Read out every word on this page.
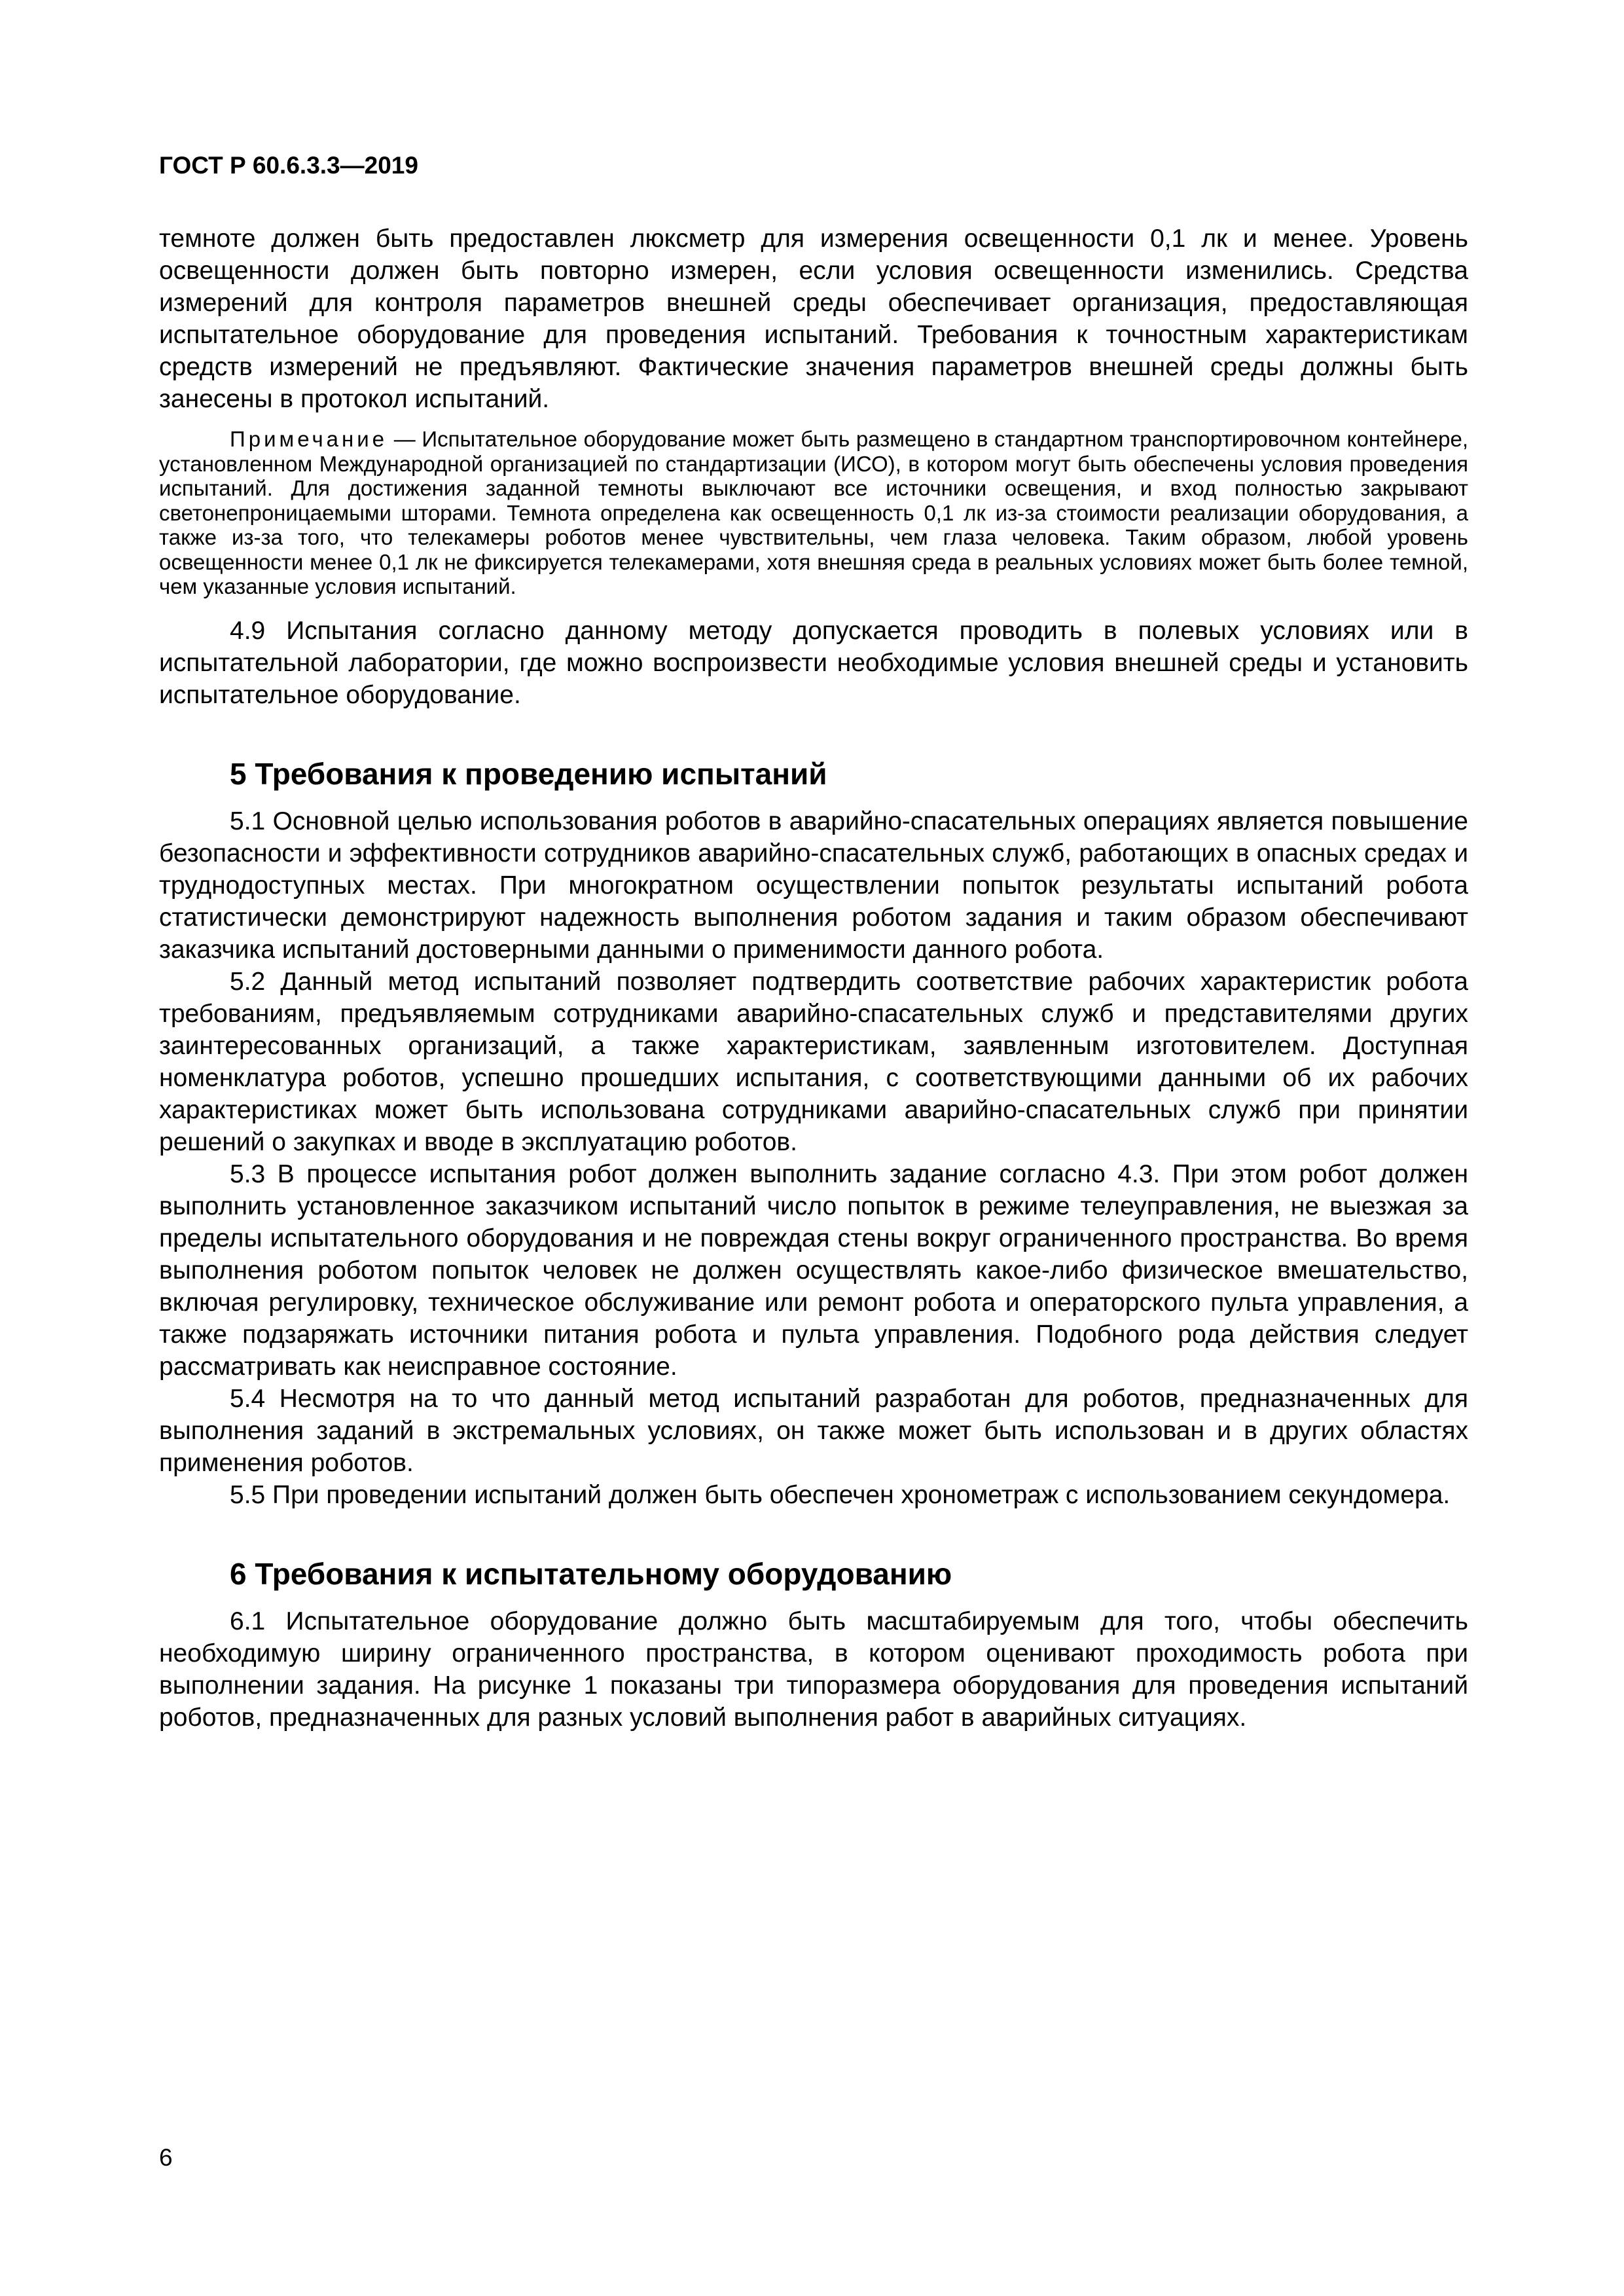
ГОСТ Р 60.6.3.3—2019

темноте должен быть предоставлен люксметр для измерения освещенности 0,1 лк и менее. Уровень освещенности должен быть повторно измерен, если условия освещенности изменились. Средства измерений для контроля параметров внешней среды обеспечивает организация, предоставляющая испытательное оборудование для проведения испытаний. Требования к точностным характеристикам средств измерений не предъявляют. Фактические значения параметров внешней среды должны быть занесены в протокол испытаний.

Примечание — Испытательное оборудование может быть размещено в стандартном транспортировочном контейнере, установленном Международной организацией по стандартизации (ИСО), в котором могут быть обеспечены условия проведения испытаний. Для достижения заданной темноты выключают все источники освещения, и вход полностью закрывают светонепроницаемыми шторами. Темнота определена как освещенность 0,1 лк из-за стоимости реализации оборудования, а также из-за того, что телекамеры роботов менее чувствительны, чем глаза человека. Таким образом, любой уровень освещенности менее 0,1 лк не фиксируется телекамерами, хотя внешняя среда в реальных условиях может быть более темной, чем указанные условия испытаний.

4.9 Испытания согласно данному методу допускается проводить в полевых условиях или в испытательной лаборатории, где можно воспроизвести необходимые условия внешней среды и установить испытательное оборудование.

5 Требования к проведению испытаний

5.1 Основной целью использования роботов в аварийно-спасательных операциях является повышение безопасности и эффективности сотрудников аварийно-спасательных служб, работающих в опасных средах и труднодоступных местах. При многократном осуществлении попыток результаты испытаний робота статистически демонстрируют надежность выполнения роботом задания и таким образом обеспечивают заказчика испытаний достоверными данными о применимости данного робота.

5.2 Данный метод испытаний позволяет подтвердить соответствие рабочих характеристик робота требованиям, предъявляемым сотрудниками аварийно-спасательных служб и представителями других заинтересованных организаций, а также характеристикам, заявленным изготовителем. Доступная номенклатура роботов, успешно прошедших испытания, с соответствующими данными об их рабочих характеристиках может быть использована сотрудниками аварийно-спасательных служб при принятии решений о закупках и вводе в эксплуатацию роботов.

5.3 В процессе испытания робот должен выполнить задание согласно 4.3. При этом робот должен выполнить установленное заказчиком испытаний число попыток в режиме телеуправления, не выезжая за пределы испытательного оборудования и не повреждая стены вокруг ограниченного пространства. Во время выполнения роботом попыток человек не должен осуществлять какое-либо физическое вмешательство, включая регулировку, техническое обслуживание или ремонт робота и операторского пульта управления, а также подзаряжать источники питания робота и пульта управления. Подобного рода действия следует рассматривать как неисправное состояние.

5.4 Несмотря на то что данный метод испытаний разработан для роботов, предназначенных для выполнения заданий в экстремальных условиях, он также может быть использован и в других областях применения роботов.

5.5 При проведении испытаний должен быть обеспечен хронометраж с использованием секундомера.

6 Требования к испытательному оборудованию

6.1 Испытательное оборудование должно быть масштабируемым для того, чтобы обеспечить необходимую ширину ограниченного пространства, в котором оценивают проходимость робота при выполнении задания. На рисунке 1 показаны три типоразмера оборудования для проведения испытаний роботов, предназначенных для разных условий выполнения работ в аварийных ситуациях.

6
